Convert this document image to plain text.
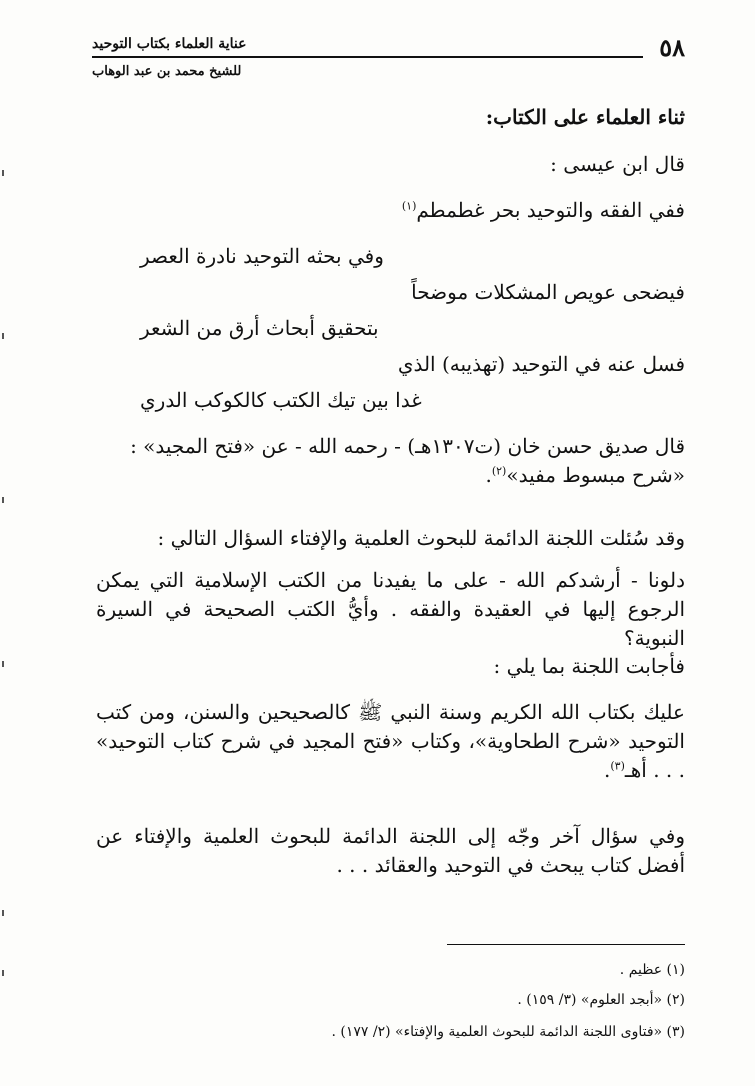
٥٨
عناية العلماء بكتاب التوحيد
للشيخ محمد بن عبد الوهاب
ثناء العلماء على الكتاب:
قال ابن عيسى :
ففي الفقه والتوحيد بحر غطمطم$^{(١)}$
وفي بحثه التوحيد نادرة العصر
فيضحى عويص المشكلات موضحاً
بتحقيق أبحاث أرق من الشعر
فسل عنه في التوحيد (تهذيبه) الذي
غدا بين تيك الكتب كالكوكب الدري
قال صديق حسن خان (ت١٣٠٧هـ) - رحمه الله - عن «فتح المجيد» :
«شرح مبسوط مفيد»$^{(٢)}$.
وقد سُئلت اللجنة الدائمة للبحوث العلمية والإفتاء السؤال التالي :
دلونا - أرشدكم الله - على ما يفيدنا من الكتب الإسلامية التي يمكن الرجوع إليها في العقيدة والفقه . وأيُّ الكتب الصحيحة في السيرة النبوية؟
فأجابت اللجنة بما يلي :
عليك بكتاب الله الكريم وسنة النبي ﷺ كالصحيحين والسنن، ومن كتب التوحيد «شرح الطحاوية»، وكتاب «فتح المجيد في شرح كتاب التوحيد» . . . أهـ$^{(٣)}$.
وفي سؤال آخر وجّه إلى اللجنة الدائمة للبحوث العلمية والإفتاء عن أفضل كتاب يبحث في التوحيد والعقائد . . .
(١) عظيم .
(٢) «أبجد العلوم» (٣/ ١٥٩) .
(٣) «فتاوى اللجنة الدائمة للبحوث العلمية والإفتاء» (٢/ ١٧٧) .
